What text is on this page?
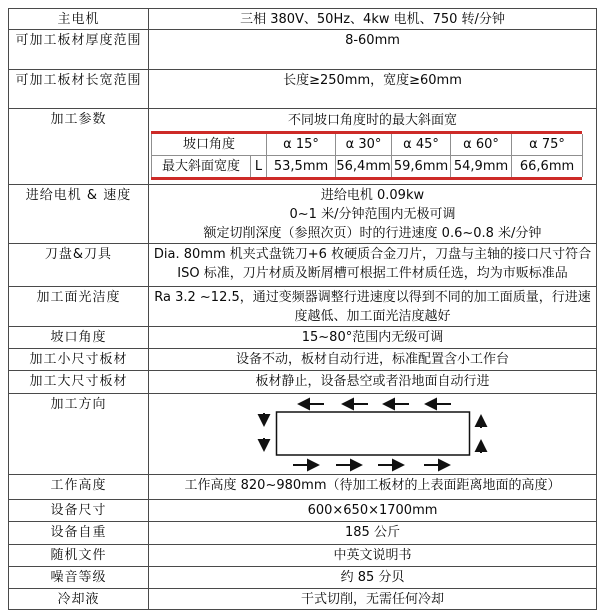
主电机	三相 380V、50Hz、4kw 电机、750 转/分钟

可加工板材厚度范围	8-60mm

可加工板材长宽范围	长度≥250mm，宽度≥60mm

加工参数	不同坡口角度时的最大斜面宽
坡口角度	α 15°	α 30°	α 45°	α 60°	α 75°
最大斜面宽度	L	53,5mm	56,4mm	59,6mm	54,9mm	66,6mm

进给电机 & 速度	进给电机 0.09kw
0~1 米/分钟范围内无极可调
额定切削深度（参照次页）时的行进速度 0.6~0.8 米/分钟

刀盘&刀具	Dia. 80mm 机夹式盘铣刀+6 枚硬质合金刀片，刀盘与主轴的接口尺寸符合 ISO 标准，刀片材质及断屑槽可根据工件材质任选，均为市贩标准品

加工面光洁度	Ra 3.2 ~12.5，通过变频器调整行进速度以得到不同的加工面质量，行进速度越低、加工面光洁度越好

坡口角度	15~80°范围内无级可调

加工小尺寸板材	设备不动，板材自动行进，标准配置含小工作台

加工大尺寸板材	板材静止，设备悬空或者沿地面自动行进

加工方向

工作高度	工作高度 820~980mm（待加工板材的上表面距离地面的高度）

设备尺寸	600×650×1700mm

设备自重	185 公斤

随机文件	中英文说明书

噪音等级	约 85 分贝

冷却液	干式切削，无需任何冷却
